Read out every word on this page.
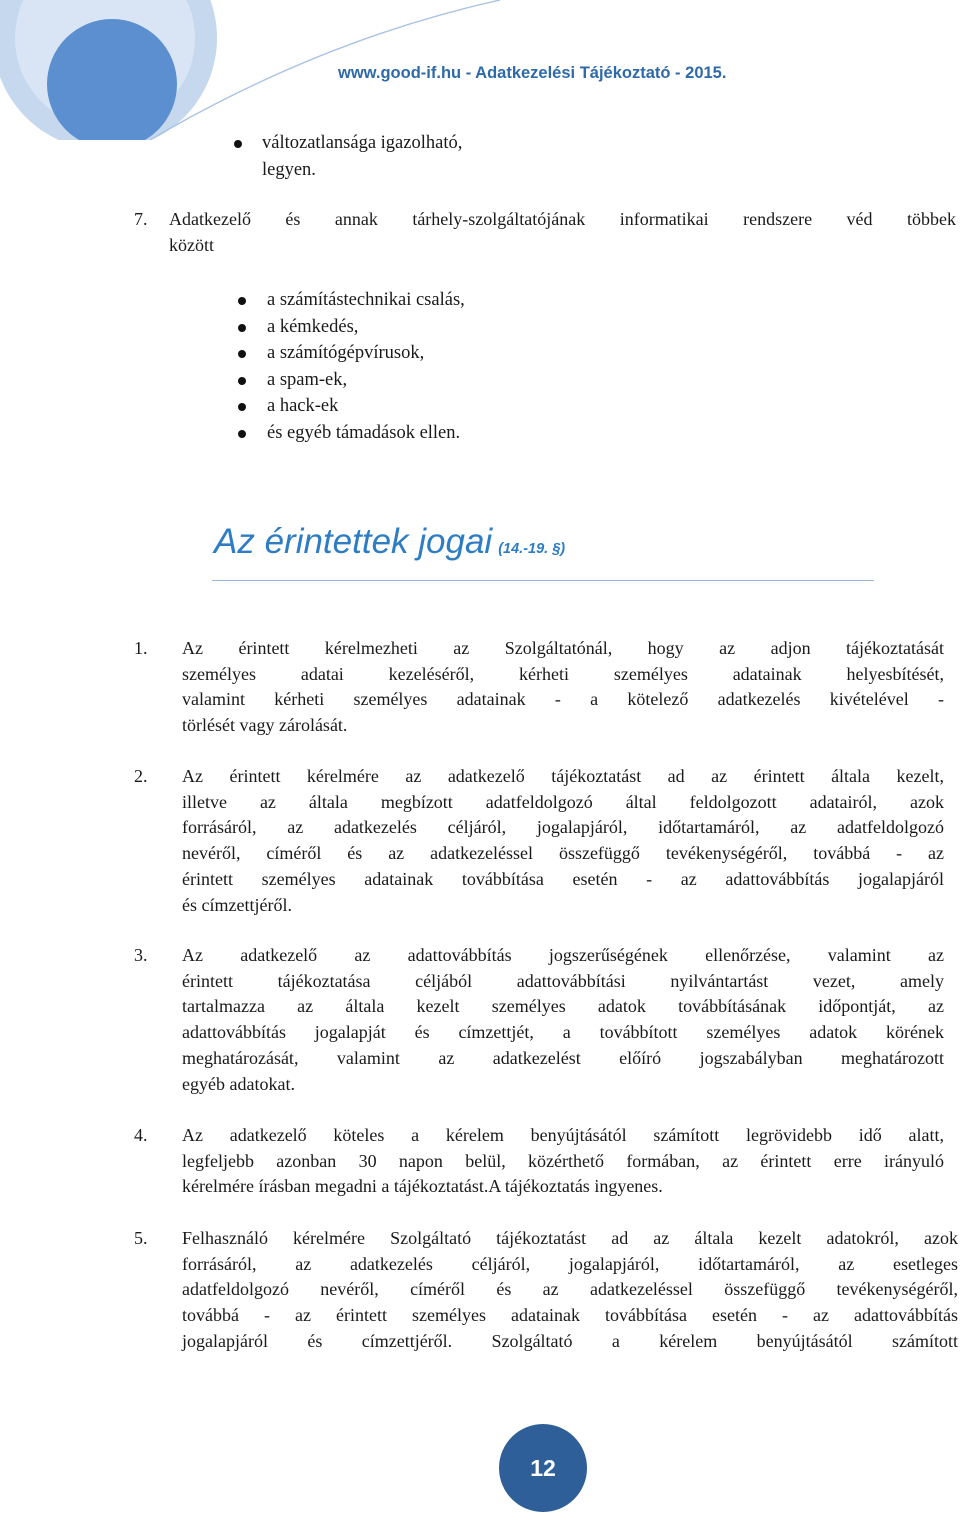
www.good-if.hu - Adatkezelési Tájékoztató - 2015.
változatlansága igazolható,
legyen.
7. Adatkezelő és annak tárhely-szolgáltatójának informatikai rendszere véd többek
között
a számítástechnikai csalás,
a kémkedés,
a számítógépvírusok,
a spam-ek,
a hack-ek
és egyéb támadások ellen.
Az érintettek jogai (14.-19. §)
1. Az érintett kérelmezheti az Szolgáltatónál, hogy az adjon tájékoztatását
személyes adatai kezeléséről, kérheti személyes adatainak helyesbítését,
valamint kérheti személyes adatainak - a kötelező adatkezelés kivételével -
törlését vagy zárolását.
2. Az érintett kérelmére az adatkezelő tájékoztatást ad az érintett általa kezelt,
illetve az általa megbízott adatfeldolgozó által feldolgozott adatairól, azok
forrásáról, az adatkezelés céljáról, jogalapjáról, időtartamáról, az adatfeldolgozó
nevéről, címéről és az adatkezeléssel összefüggő tevékenységéről, továbbá - az
érintett személyes adatainak továbbítása esetén - az adattovábbítás jogalapjáról
és címzettjéről.
3. Az adatkezelő az adattovábbítás jogszerűségének ellenőrzése, valamint az
érintett tájékoztatása céljából adattovábbítási nyilvántartást vezet, amely
tartalmazza az általa kezelt személyes adatok továbbításának időpontját, az
adattovábbítás jogalapját és címzettjét, a továbbított személyes adatok körének
meghatározását, valamint az adatkezelést előíró jogszabályban meghatározott
egyéb adatokat.
4. Az adatkezelő köteles a kérelem benyújtásától számított legrövidebb idő alatt,
legfeljebb azonban 30 napon belül, közérthető formában, az érintett erre irányuló
kérelmére írásban megadni a tájékoztatást.A tájékoztatás ingyenes.
5. Felhasználó kérelmére Szolgáltató tájékoztatást ad az általa kezelt adatokról, azok
forrásáról, az adatkezelés céljáról, jogalapjáról, időtartamáról, az esetleges
adatfeldolgozó nevéről, címéről és az adatkezeléssel összefüggő tevékenységéről,
továbbá - az érintett személyes adatainak továbbítása esetén - az adattovábbítás
jogalapjáról és címzettjéről. Szolgáltató a kérelem benyújtásától számított
12
